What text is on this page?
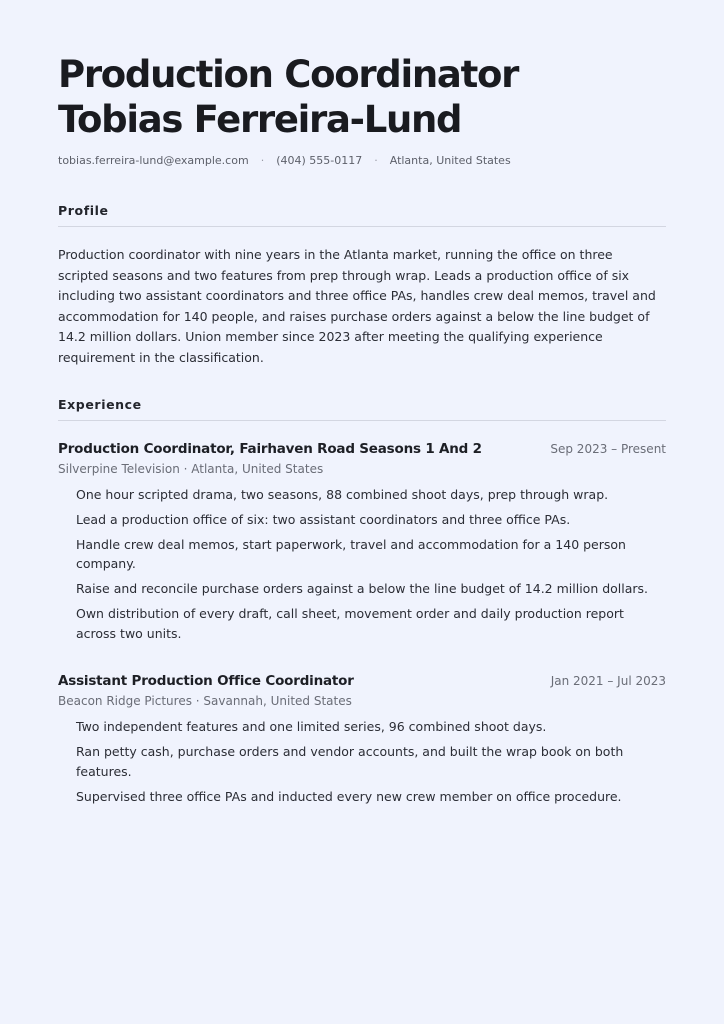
Production Coordinator
Tobias Ferreira-Lund
tobias.ferreira-lund@example.com · (404) 555-0117 · Atlanta, United States
Profile

Production coordinator with nine years in the Atlanta market, running the office on three scripted seasons and two features from prep through wrap. Leads a production office of six including two assistant coordinators and three office PAs, handles crew deal memos, travel and accommodation for 140 people, and raises purchase orders against a below the line budget of 14.2 million dollars. Union member since 2023 after meeting the qualifying experience requirement in the classification.

Experience
Production Coordinator, Fairhaven Road Seasons 1 And 2	Sep 2023 – Present
Silverpine Television · Atlanta, United States
One hour scripted drama, two seasons, 88 combined shoot days, prep through wrap.
Lead a production office of six: two assistant coordinators and three office PAs.
Handle crew deal memos, start paperwork, travel and accommodation for a 140 person company.
Raise and reconcile purchase orders against a below the line budget of 14.2 million dollars.
Own distribution of every draft, call sheet, movement order and daily production report across two units.
Assistant Production Office Coordinator	Jan 2021 – Jul 2023
Beacon Ridge Pictures · Savannah, United States
Two independent features and one limited series, 96 combined shoot days.
Ran petty cash, purchase orders and vendor accounts, and built the wrap book on both features.
Supervised three office PAs and inducted every new crew member on office procedure.
